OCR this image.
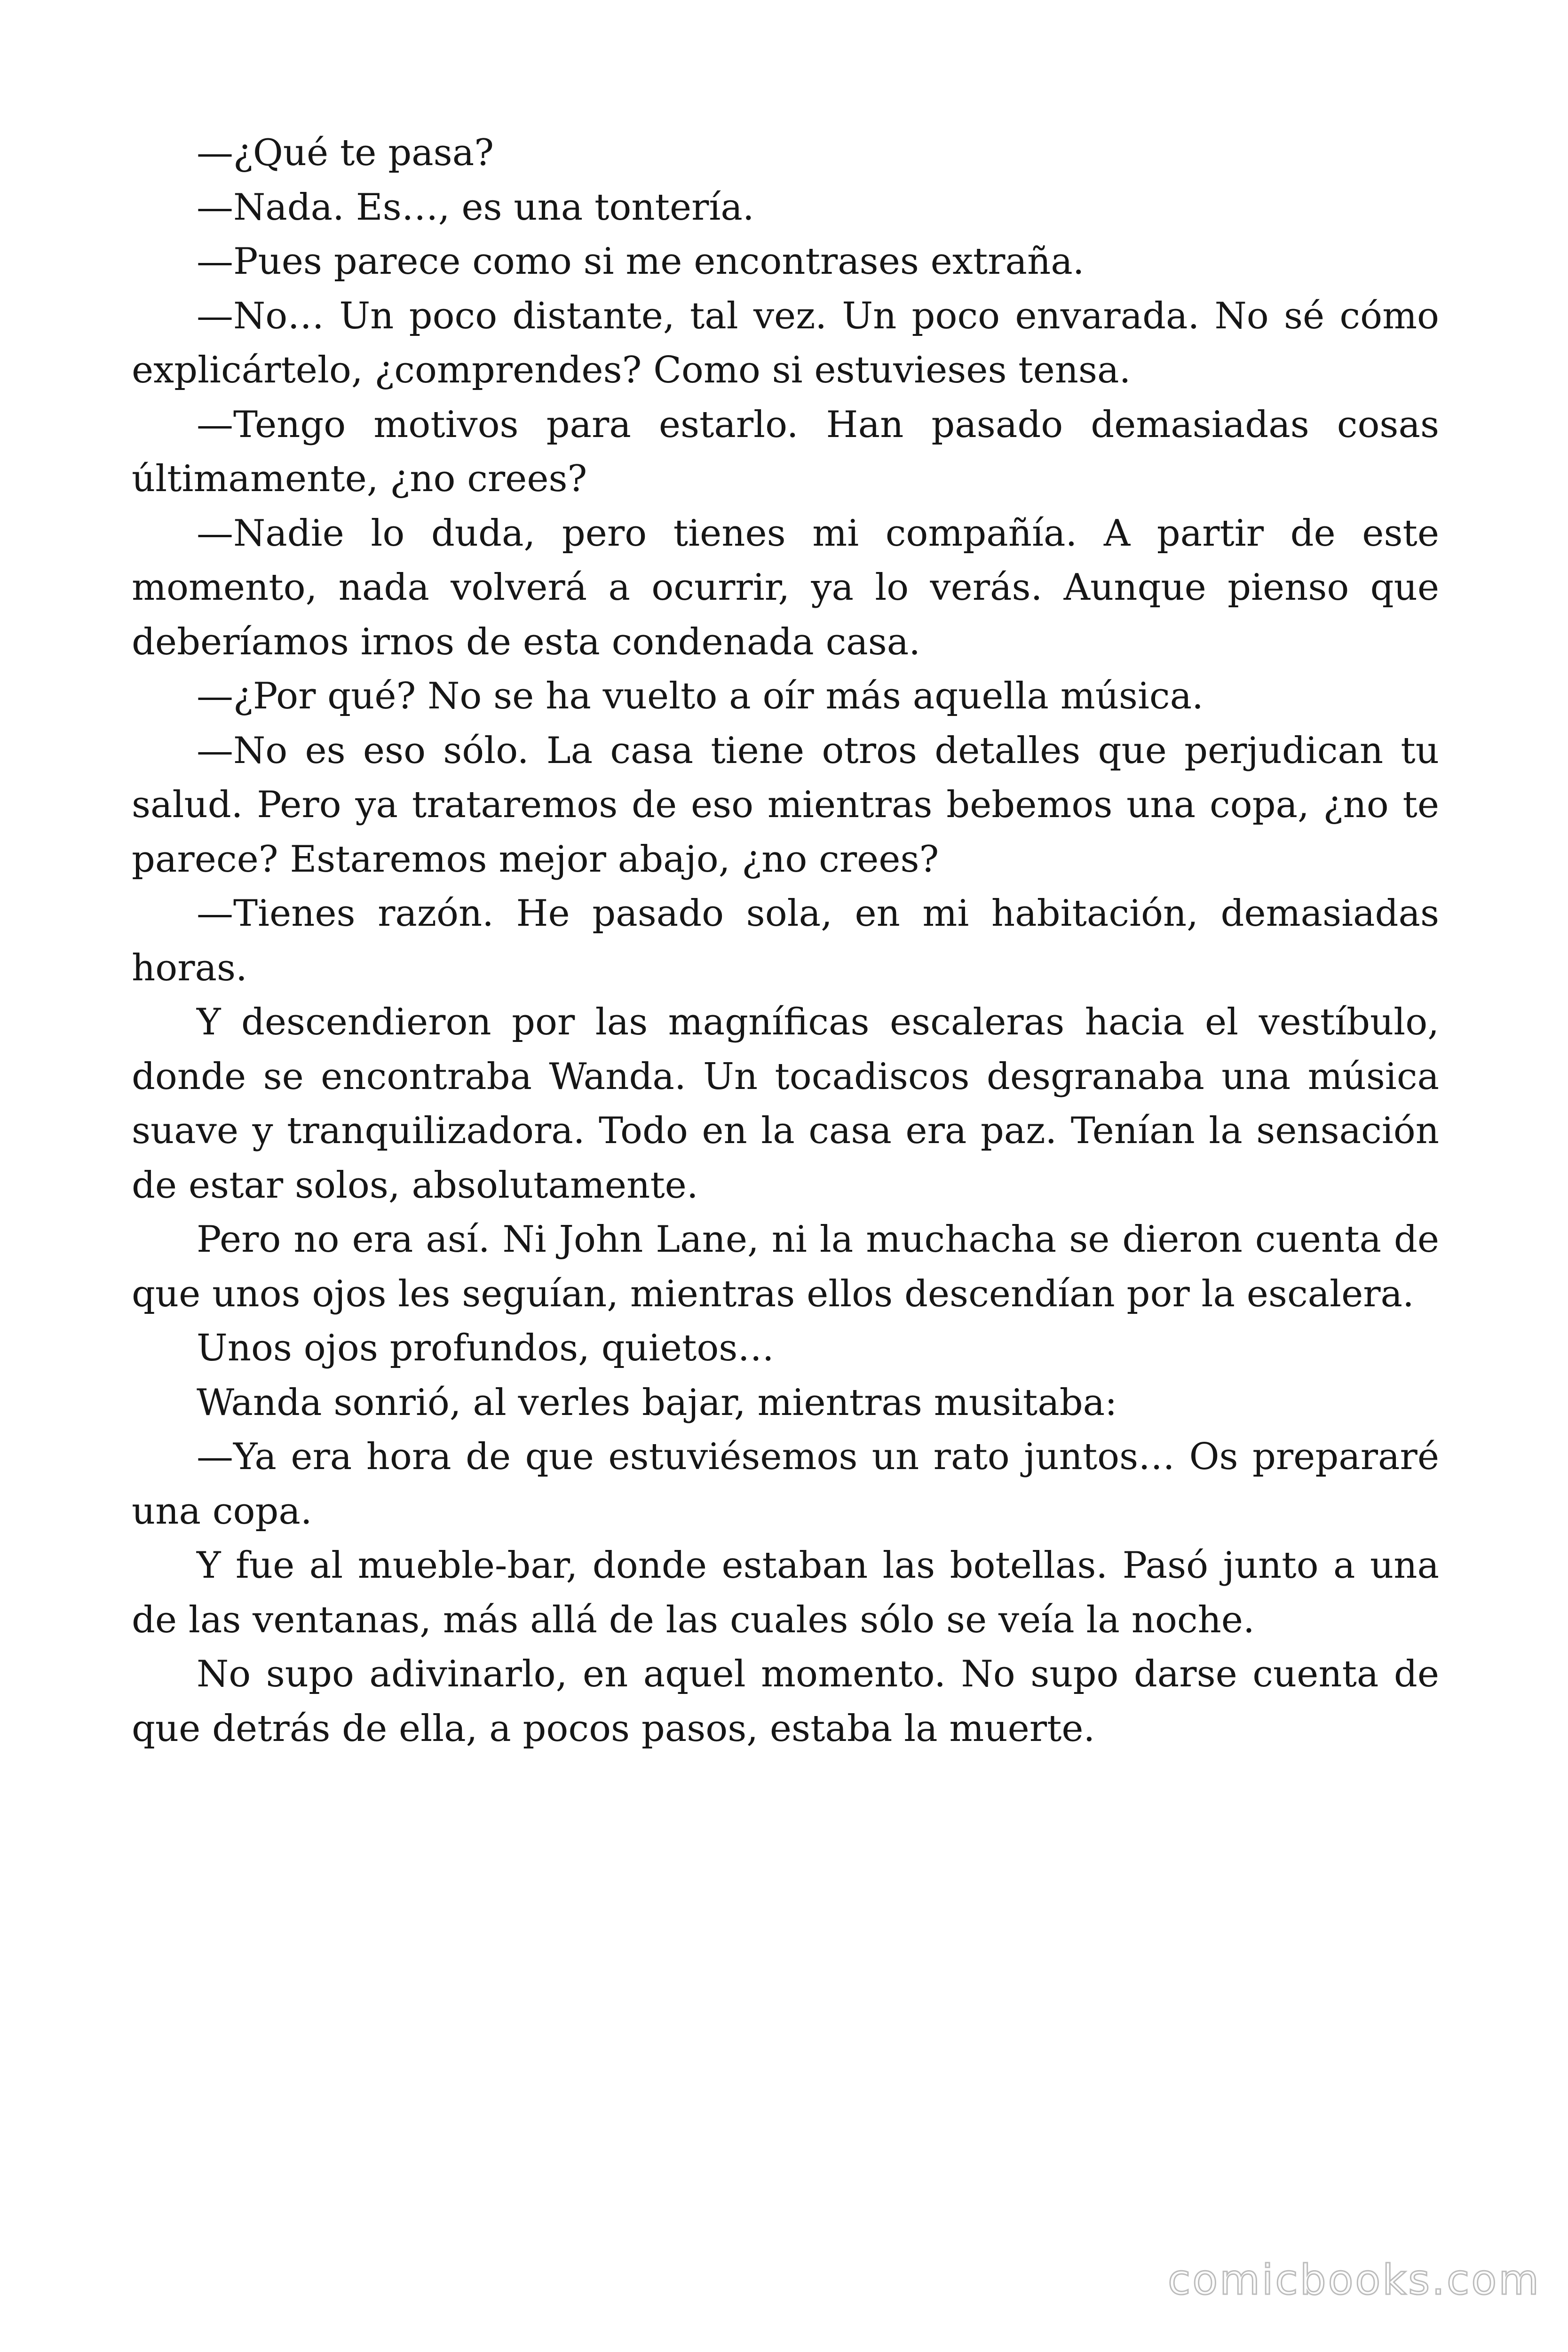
—¿Qué te pasa?

—Nada. Es…, es una tontería.

—Pues parece como si me encontrases extraña.

—No… Un poco distante, tal vez. Un poco envarada. No sé cómo explicártelo, ¿comprendes? Como si estuvieses tensa.

—Tengo motivos para estarlo. Han pasado demasiadas cosas últimamente, ¿no crees?

—Nadie lo duda, pero tienes mi compañía. A partir de este momento, nada volverá a ocurrir, ya lo verás. Aunque pienso que deberíamos irnos de esta condenada casa.

—¿Por qué? No se ha vuelto a oír más aquella música.

—No es eso sólo. La casa tiene otros detalles que perjudican tu salud. Pero ya trataremos de eso mientras bebemos una copa, ¿no te parece? Estaremos mejor abajo, ¿no crees?

—Tienes razón. He pasado sola, en mi habitación, demasiadas horas.

Y descendieron por las magníficas escaleras hacia el vestíbulo, donde se encontraba Wanda. Un tocadiscos desgranaba una música suave y tranquilizadora. Todo en la casa era paz. Tenían la sensación de estar solos, absolutamente.

Pero no era así. Ni John Lane, ni la muchacha se dieron cuenta de que unos ojos les seguían, mientras ellos descendían por la escalera.

Unos ojos profundos, quietos…

Wanda sonrió, al verles bajar, mientras musitaba:

—Ya era hora de que estuviésemos un rato juntos… Os prepararé una copa.

Y fue al mueble-bar, donde estaban las botellas. Pasó junto a una de las ventanas, más allá de las cuales sólo se veía la noche.

No supo adivinarlo, en aquel momento. No supo darse cuenta de que detrás de ella, a pocos pasos, estaba la muerte.

comicbooks.com
